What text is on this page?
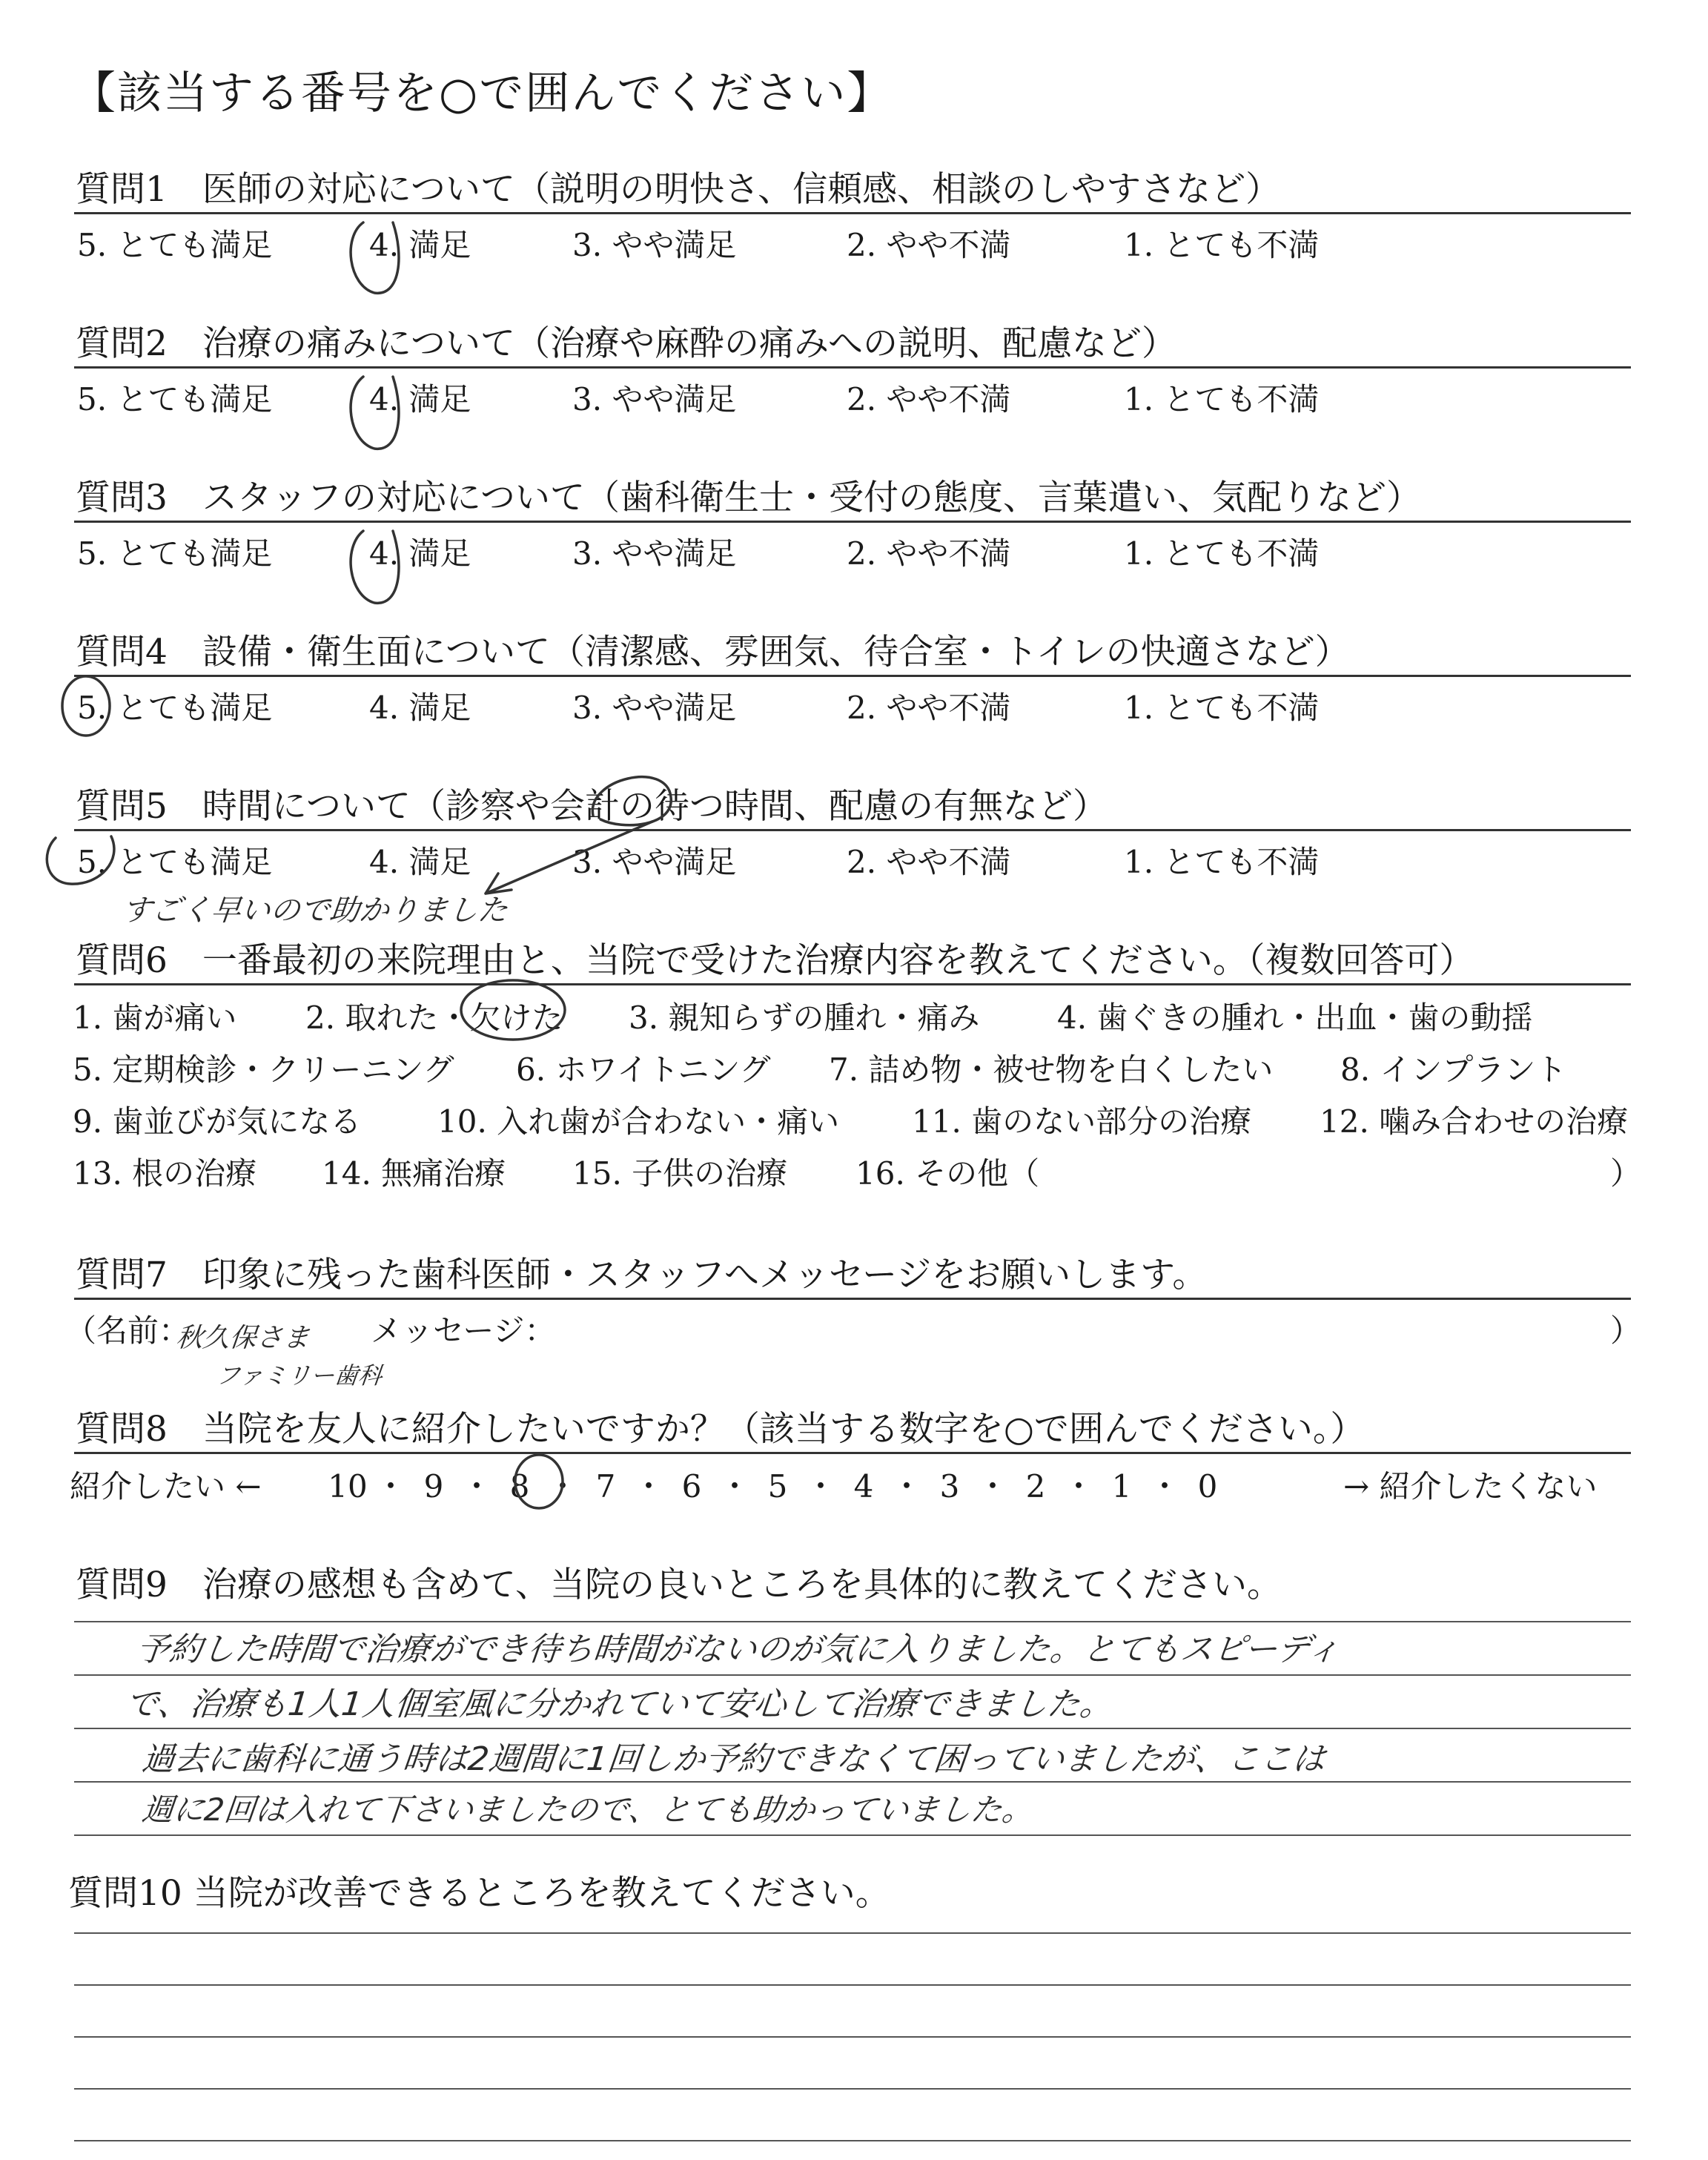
【該当する番号を○で囲んでください】
質問1　医師の対応について（説明の明快さ、信頼感、相談のしやすさなど）
5. とても満足	4. 満足	3. やや満足	2. やや不満	1. とても不満
質問2　治療の痛みについて（治療や麻酔の痛みへの説明、配慮など）
5. とても満足	4. 満足	3. やや満足	2. やや不満	1. とても不満
質問3　スタッフの対応について（歯科衛生士・受付の態度、言葉遣い、気配りなど）
5. とても満足	4. 満足	3. やや満足	2. やや不満	1. とても不満
質問4　設備・衛生面について（清潔感、雰囲気、待合室・トイレの快適さなど）
5. とても満足	4. 満足	3. やや満足	2. やや不満	1. とても不満
質問5　時間について（診察や会計の待つ時間、配慮の有無など）
5. とても満足	4. 満足	3. やや満足	2. やや不満	1. とても不満
すごく早いので助かりました
質問6　一番最初の来院理由と、当院で受けた治療内容を教えてください。（複数回答可）
1. 歯が痛い 2. 取れた・欠けた 3. 親知らずの腫れ・痛み 4. 歯ぐきの腫れ・出血・歯の動揺
5. 定期検診・クリーニング 6. ホワイトニング 7. 詰め物・被せ物を白くしたい 8. インプラント
9. 歯並びが気になる 10. 入れ歯が合わない・痛い 11. 歯のない部分の治療 12. 噛み合わせの治療
13. 根の治療 14. 無痛治療 15. 子供の治療 16. その他（	）
質問7　印象に残った歯科医師・スタッフへメッセージをお願いします。
（名前：	メッセージ：	）
秋久保さま
ファミリー歯科
質問8　当院を友人に紹介したいですか？（該当する数字を○で囲んでください。）
紹介したい ← 10 ・ 9 ・ 8 ・ 7 ・ 6 ・ 5 ・ 4 ・ 3 ・ 2 ・ 1 ・ 0	→ 紹介したくない
質問9　治療の感想も含めて、当院の良いところを具体的に教えてください。
予約した時間で治療ができ待ち時間がないのが気に入りました。とてもスピーディ
で、治療も1人1人個室風に分かれていて安心して治療できました。
過去に歯科に通う時は2週間に1回しか予約できなくて困っていましたが、ここは
週に2回は入れて下さいましたので、とても助かっていました。
質問10 当院が改善できるところを教えてください。
